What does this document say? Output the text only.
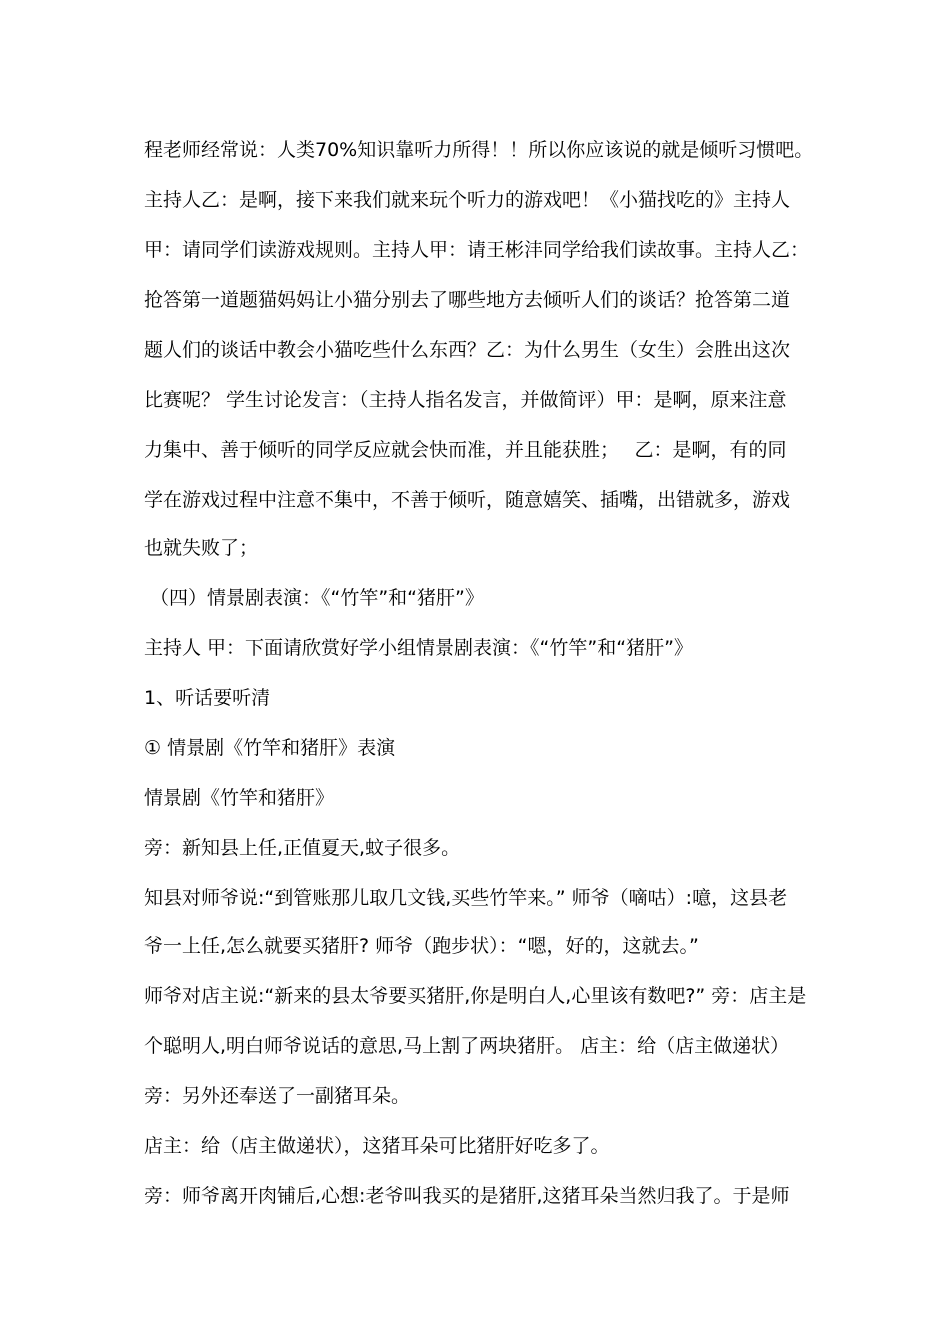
程老师经常说：人类70%知识靠听力所得！！所以你应该说的就是倾听习惯吧。
主持人乙：是啊，接下来我们就来玩个听力的游戏吧！《小猫找吃的》主持人
甲：请同学们读游戏规则。主持人甲：请王彬沣同学给我们读故事。主持人乙：
抢答第一道题猫妈妈让小猫分别去了哪些地方去倾听人们的谈话？抢答第二道
题人们的谈话中教会小猫吃些什么东西？乙：为什么男生（女生）会胜出这次
比赛呢？ 学生讨论发言：（主持人指名发言，并做简评）甲：是啊，原来注意
力集中、善于倾听的同学反应就会快而准，并且能获胜；　 乙：是啊，有的同
学在游戏过程中注意不集中，不善于倾听，随意嬉笑、插嘴，出错就多，游戏
也就失败了；
（四）情景剧表演：《“竹竿”和“猪肝”》
主持人 甲：下面请欣赏好学小组情景剧表演：《“竹竿”和“猪肝”》
1、听话要听清
① 情景剧《竹竿和猪肝》表演
情景剧《竹竿和猪肝》
旁：新知县上任,正值夏天,蚊子很多。
知县对师爷说:“到管账那儿取几文钱,买些竹竿来。” 师爷（嘀咕）:噫，这县老
爷一上任,怎么就要买猪肝? 师爷（跑步状）：“嗯，好的，这就去。”
师爷对店主说:“新来的县太爷要买猪肝,你是明白人,心里该有数吧?” 旁：店主是
个聪明人,明白师爷说话的意思,马上割了两块猪肝。 店主：给（店主做递状）
旁：另外还奉送了一副猪耳朵。
店主：给（店主做递状），这猪耳朵可比猪肝好吃多了。
旁：师爷离开肉铺后,心想:老爷叫我买的是猪肝,这猪耳朵当然归我了。于是师
